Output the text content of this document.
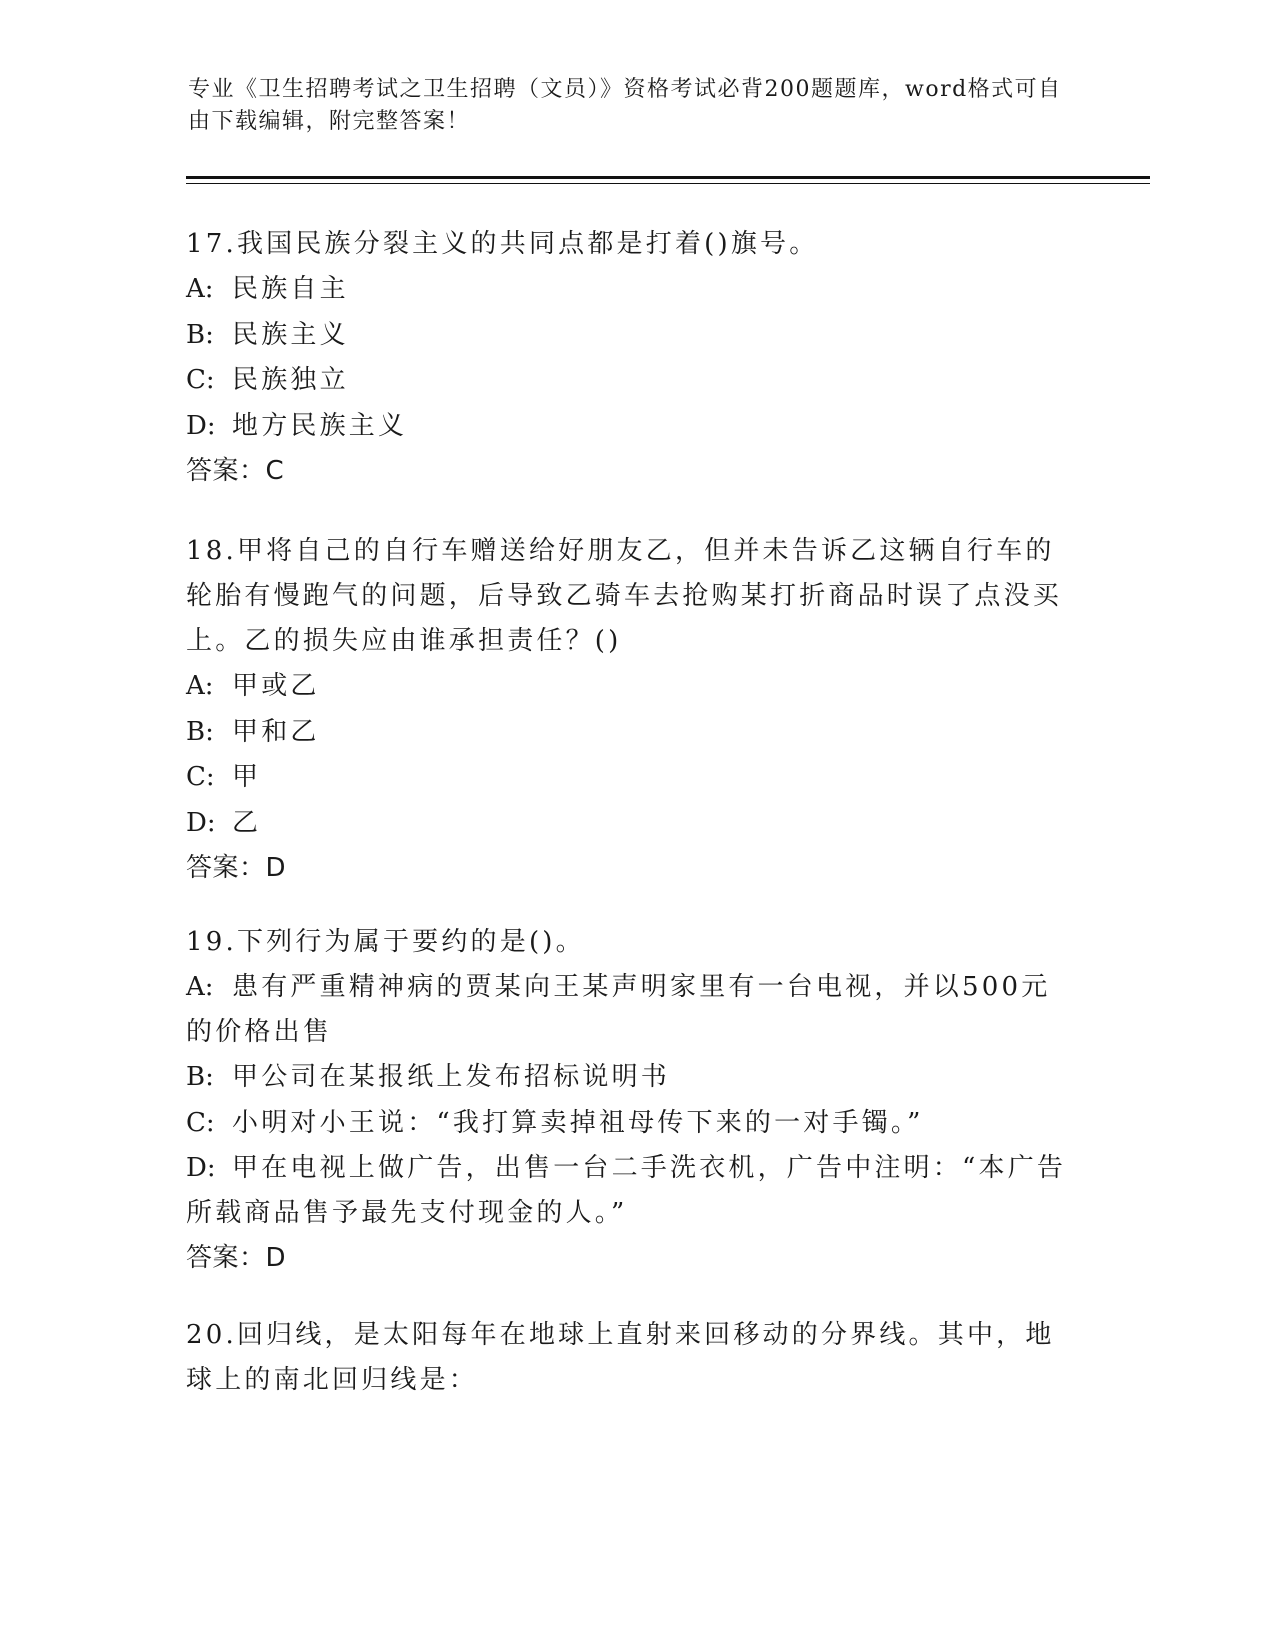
专业《卫生招聘考试之卫生招聘（文员）》资格考试必背200题题库，word格式可自由下载编辑，附完整答案！

17.我国民族分裂主义的共同点都是打着()旗号。

A: 民族自主

B: 民族主义

C: 民族独立

D: 地方民族主义

答案：C

18.甲将自己的自行车赠送给好朋友乙，但并未告诉乙这辆自行车的轮胎有慢跑气的问题，后导致乙骑车去抢购某打折商品时误了点没买上。乙的损失应由谁承担责任？()

A: 甲或乙

B: 甲和乙

C: 甲

D: 乙

答案：D

19.下列行为属于要约的是()。

A: 患有严重精神病的贾某向王某声明家里有一台电视，并以500元的价格出售

B: 甲公司在某报纸上发布招标说明书

C: 小明对小王说：“我打算卖掉祖母传下来的一对手镯。”

D: 甲在电视上做广告，出售一台二手洗衣机，广告中注明：“本广告所载商品售予最先支付现金的人。”

答案：D

20.回归线，是太阳每年在地球上直射来回移动的分界线。其中，地球上的南北回归线是：
